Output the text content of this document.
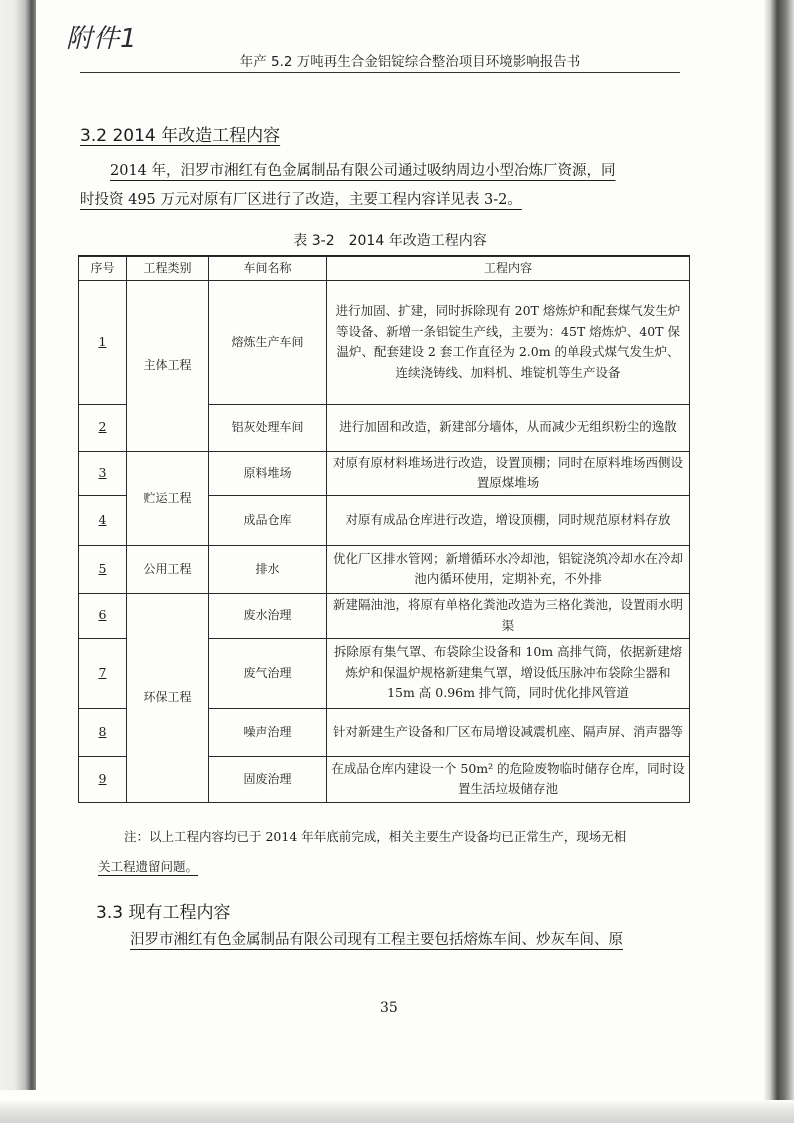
附件1
年产 5.2 万吨再生合金铝锭综合整治项目环境影响报告书
3.2 2014 年改造工程内容
2014 年，汨罗市湘红有色金属制品有限公司通过吸纳周边小型冶炼厂资源，同
时投资 495 万元对原有厂区进行了改造，主要工程内容详见表 3-2。
表 3-2　2014 年改造工程内容
序号	工程类别	车间名称	工程内容
1	主体工程	熔炼生产车间	进行加固、扩建，同时拆除现有 20T 熔炼炉和配套煤气发生炉等设备、新增一条铝锭生产线，主要为：45T 熔炼炉、40T 保温炉、配套建设 2 套工作直径为 2.0m 的单段式煤气发生炉、连续浇铸线、加料机、堆锭机等生产设备
2		铝灰处理车间	进行加固和改造，新建部分墙体，从而减少无组织粉尘的逸散
3	贮运工程	原料堆场	对原有原材料堆场进行改造，设置顶棚；同时在原料堆场西侧设置原煤堆场
4		成品仓库	对原有成品仓库进行改造，增设顶棚，同时规范原材料存放
5	公用工程	排水	优化厂区排水管网；新增循环水冷却池，铝锭浇筑冷却水在冷却池内循环使用，定期补充，不外排
6	环保工程	废水治理	新建隔油池，将原有单格化粪池改造为三格化粪池，设置雨水明渠
7		废气治理	拆除原有集气罩、布袋除尘设备和 10m 高排气筒，依据新建熔炼炉和保温炉规格新建集气罩，增设低压脉冲布袋除尘器和 15m 高 0.96m 排气筒，同时优化排风管道
8		噪声治理	针对新建生产设备和厂区布局增设减震机座、隔声屏、消声器等
9		固废治理	在成品仓库内建设一个 50m² 的危险废物临时储存仓库，同时设置生活垃圾储存池
注：以上工程内容均已于 2014 年年底前完成，相关主要生产设备均已正常生产，现场无相
关工程遗留问题。
3.3 现有工程内容
汨罗市湘红有色金属制品有限公司现有工程主要包括熔炼车间、炒灰车间、原
35
